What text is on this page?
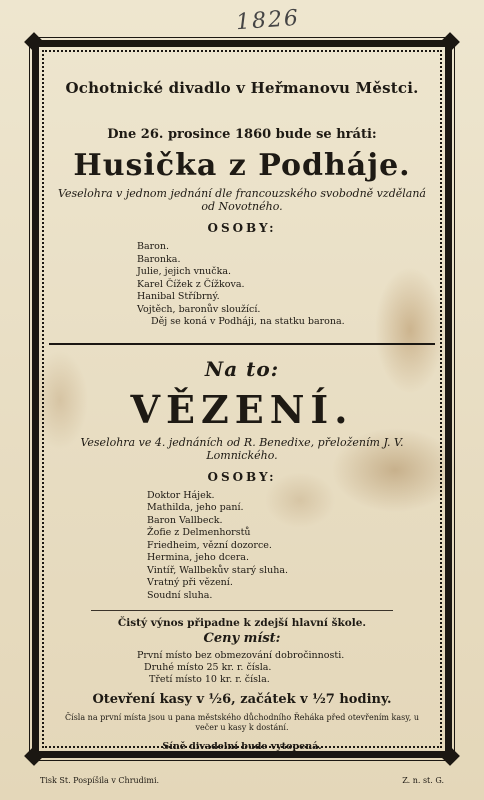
1826
Ochotnické divadlo v Heřmanovu Městci.
Dne 26. prosince 1860 bude se hráti:
Husička z Podháje.
Veselohra v jednom jednání dle francouzského svobodně vzdělaná od Novotného.
OSOBY:
Baron.
Baronka.
Julie, jejich vnučka.
Karel Čížek z Čížkova.
Hanibal Stříbrný.
Vojtěch, baronův sloužící.
Děj se koná v Podháji, na statku barona.
Na to:
VĚZENÍ.
Veselohra ve 4. jednáních od R. Benedixe, přeložením J. V. Lomnického.
OSOBY:
Doktor Hájek.
Mathilda, jeho paní.
Baron Vallbeck.
Žofie z Delmenhorstů
Friedheim, vězní dozorce.
Hermina, jeho dcera.
Vintíř, Wallbekův starý sluha.
Vratný při vězení.
Soudní sluha.
Čistý výnos připadne k zdejší hlavní škole.
Ceny míst:
První místo bez obmezování dobročinnosti.
Druhé místo 25 kr. r. čísla.
Třetí místo 10 kr. r. čísla.
Otevření kasy v ½6, začátek v ½7 hodiny.
Čísla na první místa jsou u pana městského důchodního Řeháka před otevřením kasy, u večer u kasy k dostání.
Síně divadelní bude vytopená.
Tisk St. Pospíšila v Chrudimi.	Z. n. st. G.
